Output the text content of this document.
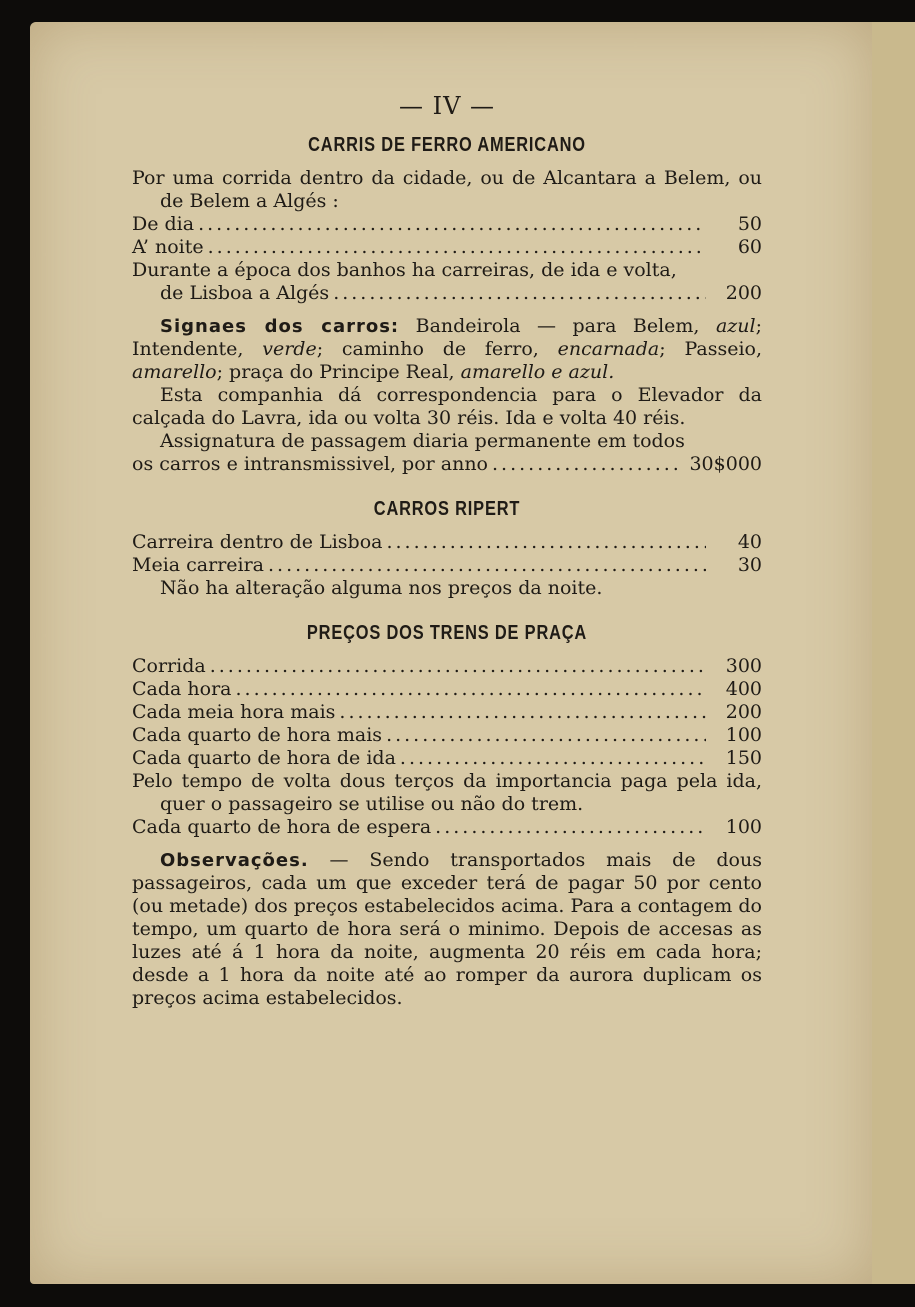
— IV —
CARRIS DE FERRO AMERICANO

Por uma corrida dentro da cidade, ou de Alcantara a Belem, ou de Belem a Algés :

De dia .....	50
A’ noite .....	60

Durante a época dos banhos ha carreiras, de ida e volta,

de Lisboa a Algés .....	200

Signaes dos carros: Bandeirola — para Belem, azul; Intendente, verde; caminho de ferro, encarnada; Passeio, amarello; praça do Principe Real, amarello e azul.

Esta companhia dá correspondencia para o Elevador da calçada do Lavra, ida ou volta 30 réis. Ida e volta 40 réis.

Assignatura de passagem diaria permanente em todos

os carros e intransmissivel, por anno .....	30$000
CARROS RIPERT
Carreira dentro de Lisboa .....	40
Meia carreira .....	30

Não ha alteração alguma nos preços da noite.

PREÇOS DOS TRENS DE PRAÇA
Corrida .....	300
Cada hora .....	400
Cada meia hora mais .....	200
Cada quarto de hora mais .....	100
Cada quarto de hora de ida .....	150

Pelo tempo de volta dous terços da importancia paga pela ida, quer o passageiro se utilise ou não do trem.

Cada quarto de hora de espera .....	100

Observações. — Sendo transportados mais de dous passageiros, cada um que exceder terá de pagar 50 por cento (ou metade) dos preços estabelecidos acima. Para a contagem do tempo, um quarto de hora será o minimo. Depois de accesas as luzes até á 1 hora da noite, augmenta 20 réis em cada hora; desde a 1 hora da noite até ao romper da aurora duplicam os preços acima estabelecidos.
